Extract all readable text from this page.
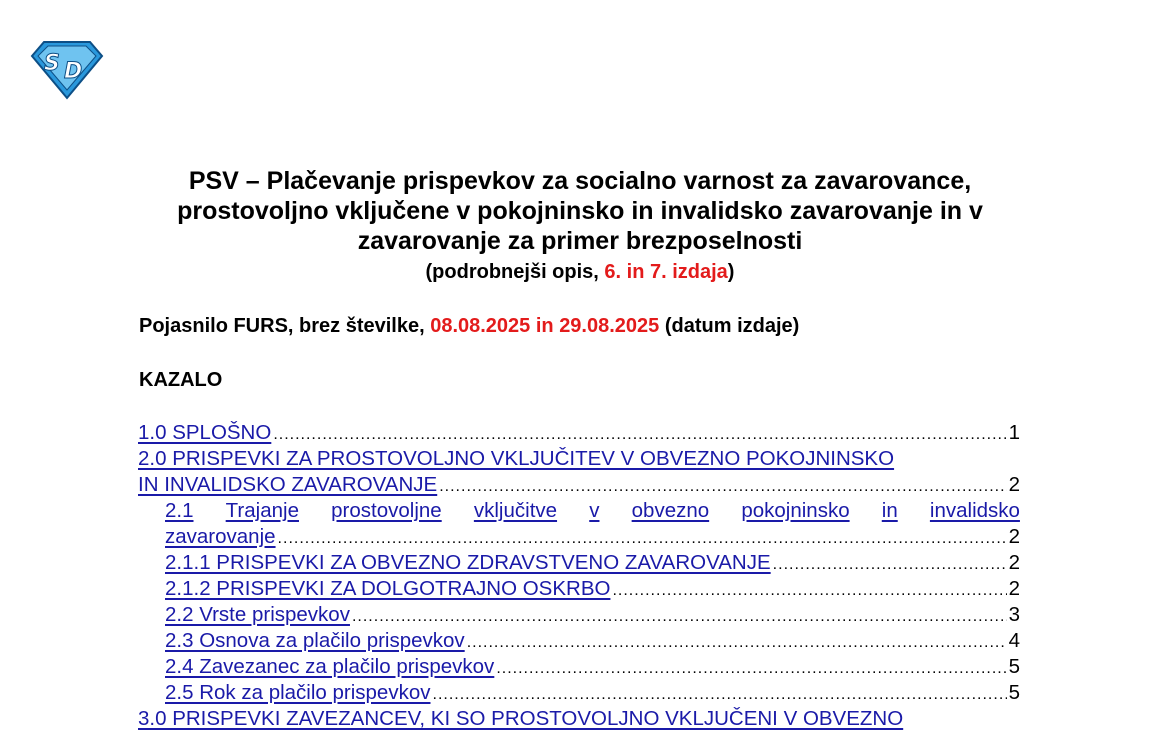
S D
PSV – Plačevanje prispevkov za socialno varnost za zavarovance,
prostovoljno vključene v pokojninsko in invalidsko zavarovanje in v
zavarovanje za primer brezposelnosti
(podrobnejši opis, 6. in 7. izdaja)
Pojasnilo FURS, brez številke, 08.08.2025 in 29.08.2025 (datum izdaje)
KAZALO
1.0 SPLOŠNO .....	1
2.0 PRISPEVKI ZA PROSTOVOLJNO VKLJUČITEV V OBVEZNO POKOJNINSKO
IN INVALIDSKO ZAVAROVANJE .....	2
2.1 Trajanje prostovoljne vključitve v obvezno pokojninsko in invalidsko
zavarovanje .....	2
2.1.1 PRISPEVKI ZA OBVEZNO ZDRAVSTVENO ZAVAROVANJE .....	2
2.1.2 PRISPEVKI ZA DOLGOTRAJNO OSKRBO .....	2
2.2 Vrste prispevkov .....	3
2.3 Osnova za plačilo prispevkov .....	4
2.4 Zavezanec za plačilo prispevkov .....	5
2.5 Rok za plačilo prispevkov .....	5
3.0 PRISPEVKI ZAVEZANCEV, KI SO PROSTOVOLJNO VKLJUČENI V OBVEZNO
